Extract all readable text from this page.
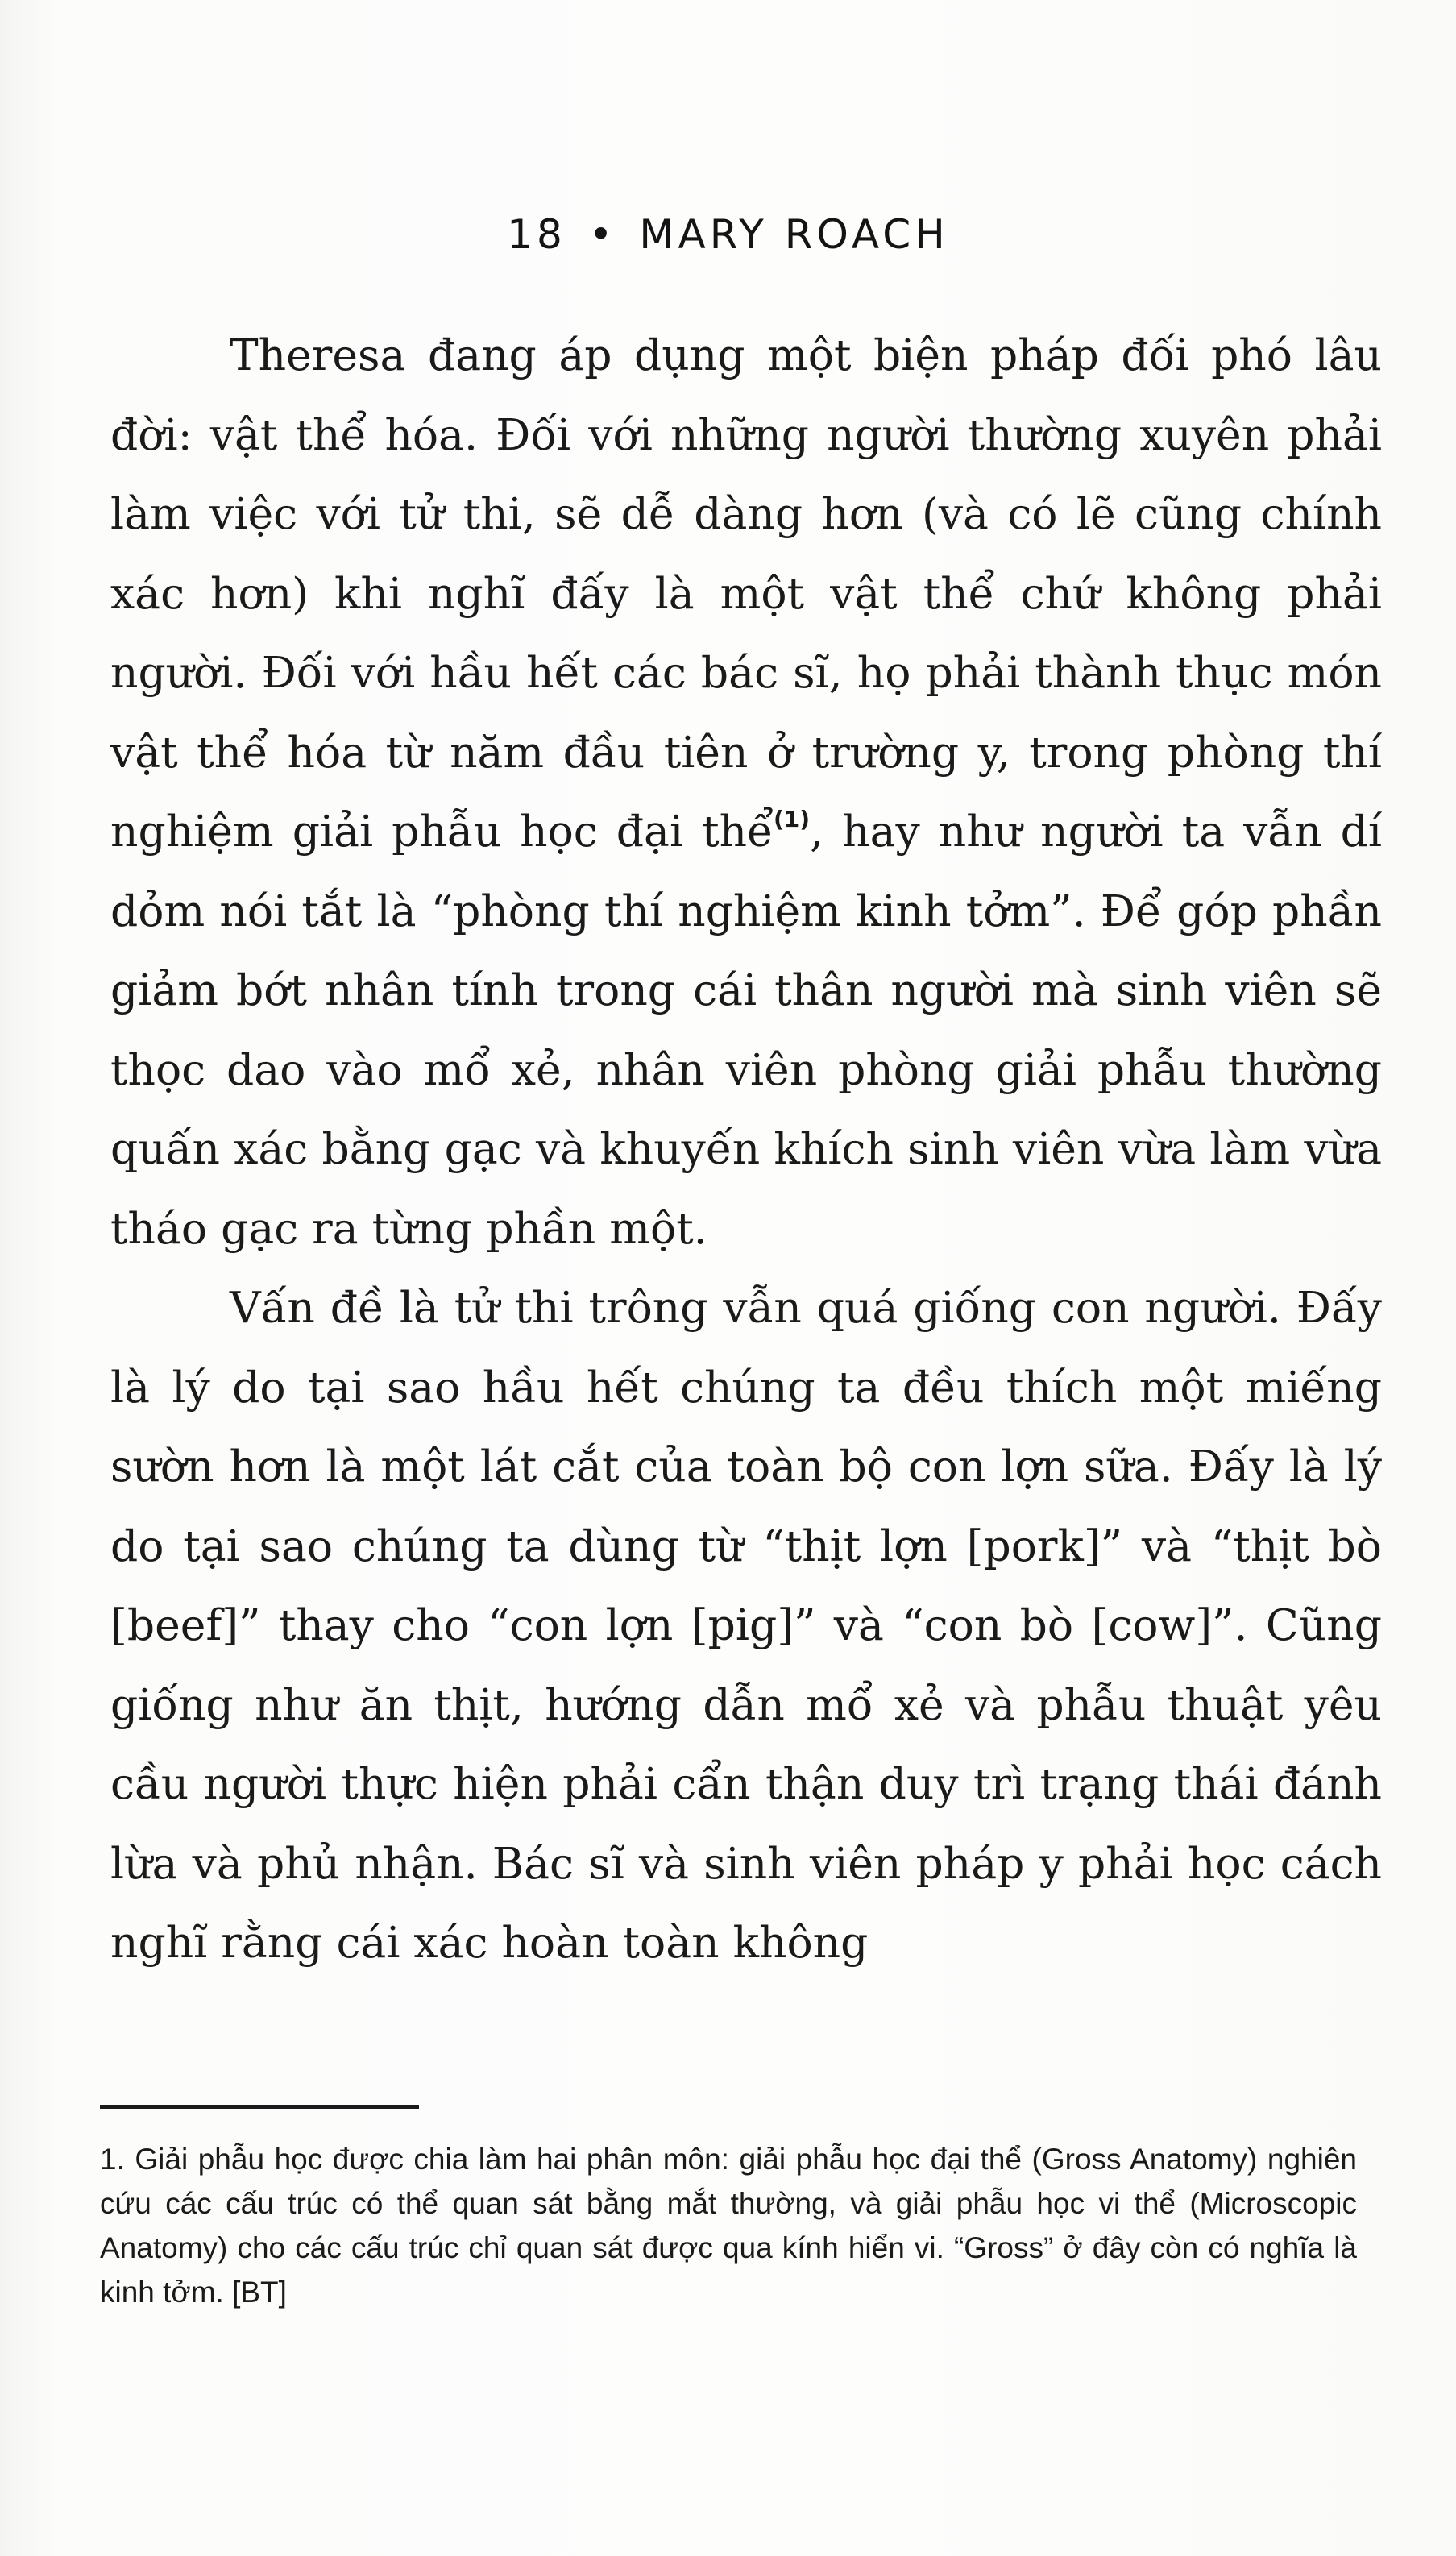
18 • MARY ROACH

Theresa đang áp dụng một biện pháp đối phó lâu đời: vật thể hóa. Đối với những người thường xuyên phải làm việc với tử thi, sẽ dễ dàng hơn (và có lẽ cũng chính xác hơn) khi nghĩ đấy là một vật thể chứ không phải người. Đối với hầu hết các bác sĩ, họ phải thành thục món vật thể hóa từ năm đầu tiên ở trường y, trong phòng thí nghiệm giải phẫu học đại thể$^{(1)}$, hay như người ta vẫn dí dỏm nói tắt là “phòng thí nghiệm kinh tởm”. Để góp phần giảm bớt nhân tính trong cái thân người mà sinh viên sẽ thọc dao vào mổ xẻ, nhân viên phòng giải phẫu thường quấn xác bằng gạc và khuyến khích sinh viên vừa làm vừa tháo gạc ra từng phần một.

Vấn đề là tử thi trông vẫn quá giống con người. Đấy là lý do tại sao hầu hết chúng ta đều thích một miếng sườn hơn là một lát cắt của toàn bộ con lợn sữa. Đấy là lý do tại sao chúng ta dùng từ “thịt lợn [pork]” và “thịt bò [beef]” thay cho “con lợn [pig]” và “con bò [cow]”. Cũng giống như ăn thịt, hướng dẫn mổ xẻ và phẫu thuật yêu cầu người thực hiện phải cẩn thận duy trì trạng thái đánh lừa và phủ nhận. Bác sĩ và sinh viên pháp y phải học cách nghĩ rằng cái xác hoàn toàn không

1. Giải phẫu học được chia làm hai phân môn: giải phẫu học đại thể (Gross Anatomy) nghiên cứu các cấu trúc có thể quan sát bằng mắt thường, và giải phẫu học vi thể (Microscopic Anatomy) cho các cấu trúc chỉ quan sát được qua kính hiển vi. “Gross” ở đây còn có nghĩa là kinh tởm. [BT]
